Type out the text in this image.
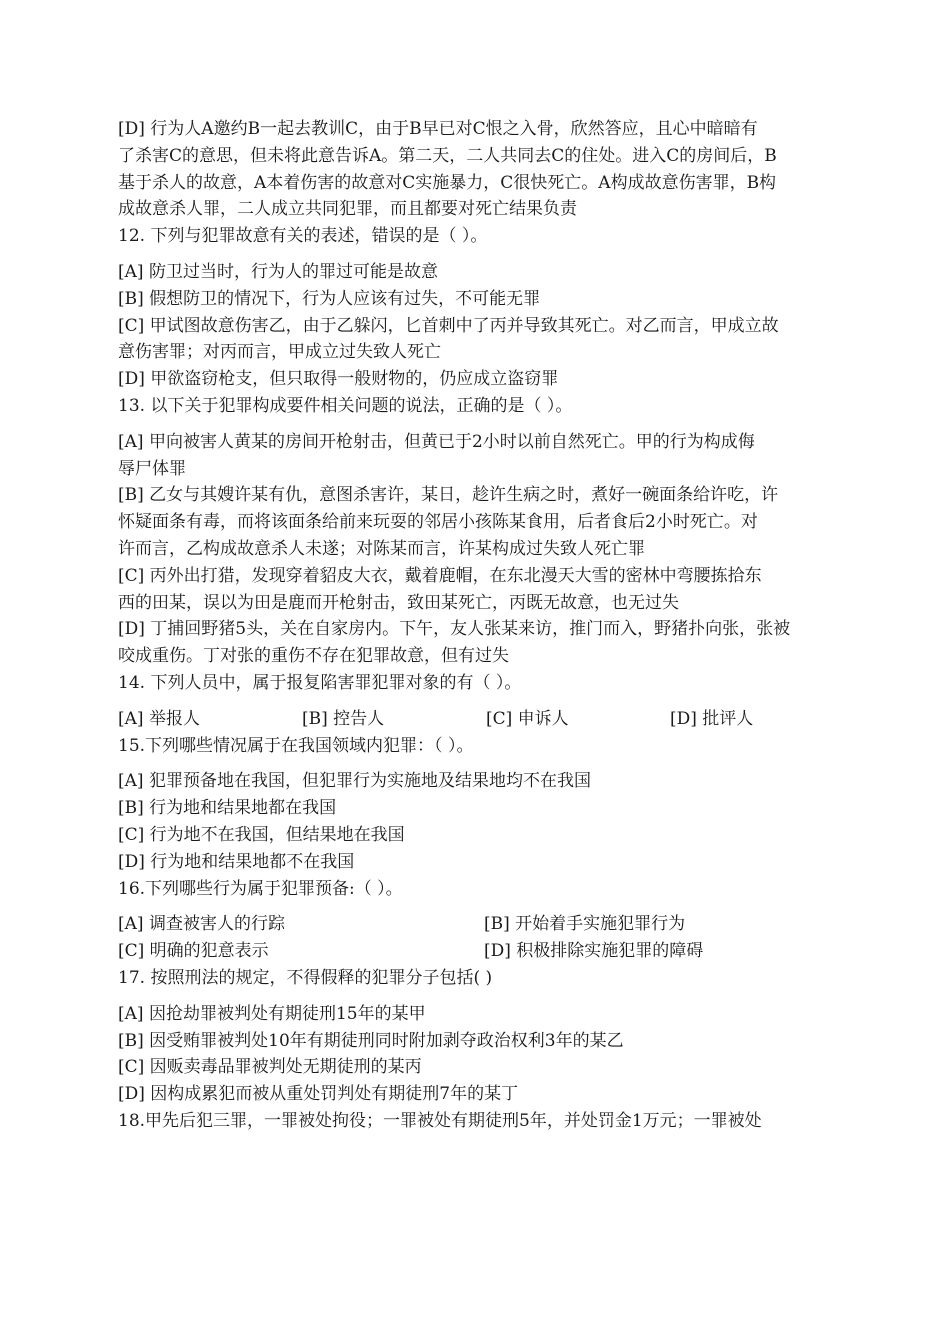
[D] 行为人A邀约B一起去教训C，由于B早已对C恨之入骨，欣然答应，且心中暗暗有
了杀害C的意思，但未将此意告诉A。第二天，二人共同去C的住处。进入C的房间后，B
基于杀人的故意，A本着伤害的故意对C实施暴力，C很快死亡。A构成故意伤害罪，B构
成故意杀人罪，二人成立共同犯罪，而且都要对死亡结果负责
12. 下列与犯罪故意有关的表述，错误的是（ ）。
[A] 防卫过当时，行为人的罪过可能是故意
[B] 假想防卫的情况下，行为人应该有过失，不可能无罪
[C] 甲试图故意伤害乙，由于乙躲闪，匕首刺中了丙并导致其死亡。对乙而言，甲成立故
意伤害罪；对丙而言，甲成立过失致人死亡
[D] 甲欲盗窃枪支，但只取得一般财物的，仍应成立盗窃罪
13. 以下关于犯罪构成要件相关问题的说法，正确的是（ ）。
[A] 甲向被害人黄某的房间开枪射击，但黄已于2小时以前自然死亡。甲的行为构成侮
辱尸体罪
[B] 乙女与其嫂许某有仇，意图杀害许，某日，趁许生病之时，煮好一碗面条给许吃，许
怀疑面条有毒，而将该面条给前来玩耍的邻居小孩陈某食用，后者食后2小时死亡。对
许而言，乙构成故意杀人未遂；对陈某而言，许某构成过失致人死亡罪
[C] 丙外出打猎，发现穿着貂皮大衣，戴着鹿帽，在东北漫天大雪的密林中弯腰拣拾东
西的田某，误以为田是鹿而开枪射击，致田某死亡，丙既无故意，也无过失
[D] 丁捕回野猪5头，关在自家房内。下午，友人张某来访，推门而入，野猪扑向张，张被
咬成重伤。丁对张的重伤不存在犯罪故意，但有过失
14. 下列人员中，属于报复陷害罪犯罪对象的有（ ）。
[A] 举报人	[B] 控告人	[C] 申诉人	[D] 批评人
15.下列哪些情况属于在我国领域内犯罪：（ ）。
[A] 犯罪预备地在我国，但犯罪行为实施地及结果地均不在我国
[B] 行为地和结果地都在我国
[C] 行为地不在我国，但结果地在我国
[D] 行为地和结果地都不在我国
16.下列哪些行为属于犯罪预备:（ ）。
[A] 调查被害人的行踪	[B] 开始着手实施犯罪行为
[C] 明确的犯意表示	[D] 积极排除实施犯罪的障碍
17. 按照刑法的规定，不得假释的犯罪分子包括( )
[A] 因抢劫罪被判处有期徒刑15年的某甲
[B] 因受贿罪被判处10年有期徒刑同时附加剥夺政治权利3年的某乙
[C] 因贩卖毒品罪被判处无期徒刑的某丙
[D] 因构成累犯而被从重处罚判处有期徒刑7年的某丁
18.甲先后犯三罪，一罪被处拘役；一罪被处有期徒刑5年，并处罚金1万元；一罪被处
